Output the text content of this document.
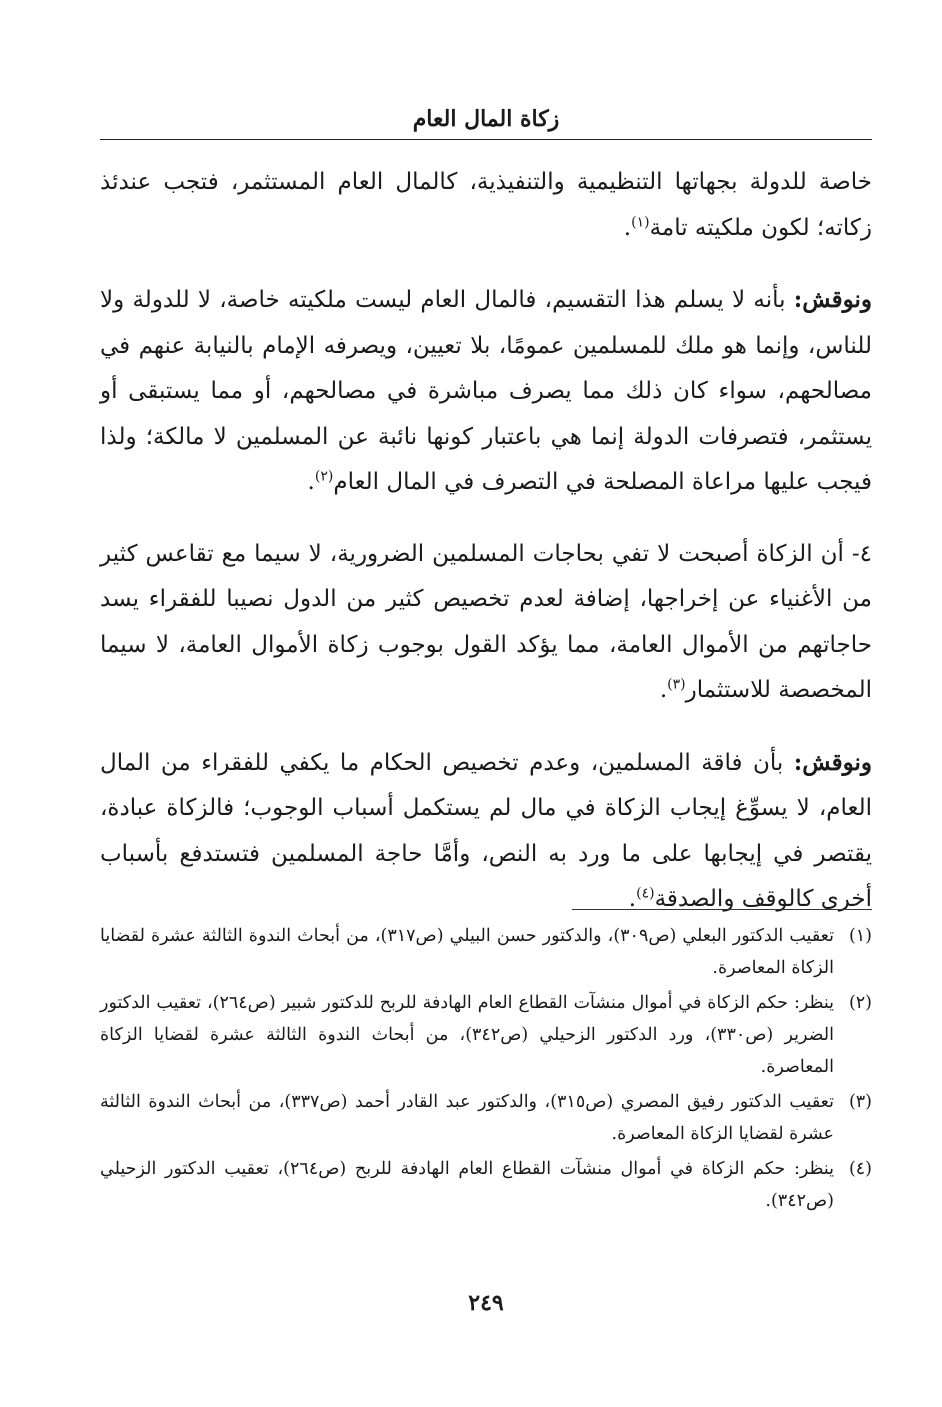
زكاة المال العام

خاصة للدولة بجهاتها التنظيمية والتنفيذية، كالمال العام المستثمر، فتجب عندئذ زكاته؛ لكون ملكيته تامة$^{(١)}$.

ونوقش: بأنه لا يسلم هذا التقسيم، فالمال العام ليست ملكيته خاصة، لا للدولة ولا للناس، وإنما هو ملك للمسلمين عمومًا، بلا تعيين، ويصرفه الإمام بالنيابة عنهم في مصالحهم، سواء كان ذلك مما يصرف مباشرة في مصالحهم، أو مما يستبقى أو يستثمر، فتصرفات الدولة إنما هي باعتبار كونها نائبة عن المسلمين لا مالكة؛ ولذا فيجب عليها مراعاة المصلحة في التصرف في المال العام$^{(٢)}$.

٤- أن الزكاة أصبحت لا تفي بحاجات المسلمين الضرورية، لا سيما مع تقاعس كثير من الأغنياء عن إخراجها، إضافة لعدم تخصيص كثير من الدول نصيبا للفقراء يسد حاجاتهم من الأموال العامة، مما يؤكد القول بوجوب زكاة الأموال العامة، لا سيما المخصصة للاستثمار$^{(٣)}$.

ونوقش: بأن فاقة المسلمين، وعدم تخصيص الحكام ما يكفي للفقراء من المال العام، لا يسوِّغ إيجاب الزكاة في مال لم يستكمل أسباب الوجوب؛ فالزكاة عبادة، يقتصر في إيجابها على ما ورد به النص، وأمَّا حاجة المسلمين فتستدفع بأسباب أخرى كالوقف والصدقة$^{(٤)}$.

(١)
تعقيب الدكتور البعلي (ص٣٠٩)، والدكتور حسن البيلي (ص٣١٧)، من أبحاث الندوة الثالثة عشرة لقضايا الزكاة المعاصرة.
(٢)
ينظر: حكم الزكاة في أموال منشآت القطاع العام الهادفة للربح للدكتور شبير (ص٢٦٤)، تعقيب الدكتور الضرير (ص٣٣٠)، ورد الدكتور الزحيلي (ص٣٤٢)، من أبحاث الندوة الثالثة عشرة لقضايا الزكاة المعاصرة.
(٣)
تعقيب الدكتور رفيق المصري (ص٣١٥)، والدكتور عبد القادر أحمد (ص٣٣٧)، من أبحاث الندوة الثالثة عشرة لقضايا الزكاة المعاصرة.
(٤)
ينظر: حكم الزكاة في أموال منشآت القطاع العام الهادفة للربح (ص٢٦٤)، تعقيب الدكتور الزحيلي (ص٣٤٢).
٢٤٩
